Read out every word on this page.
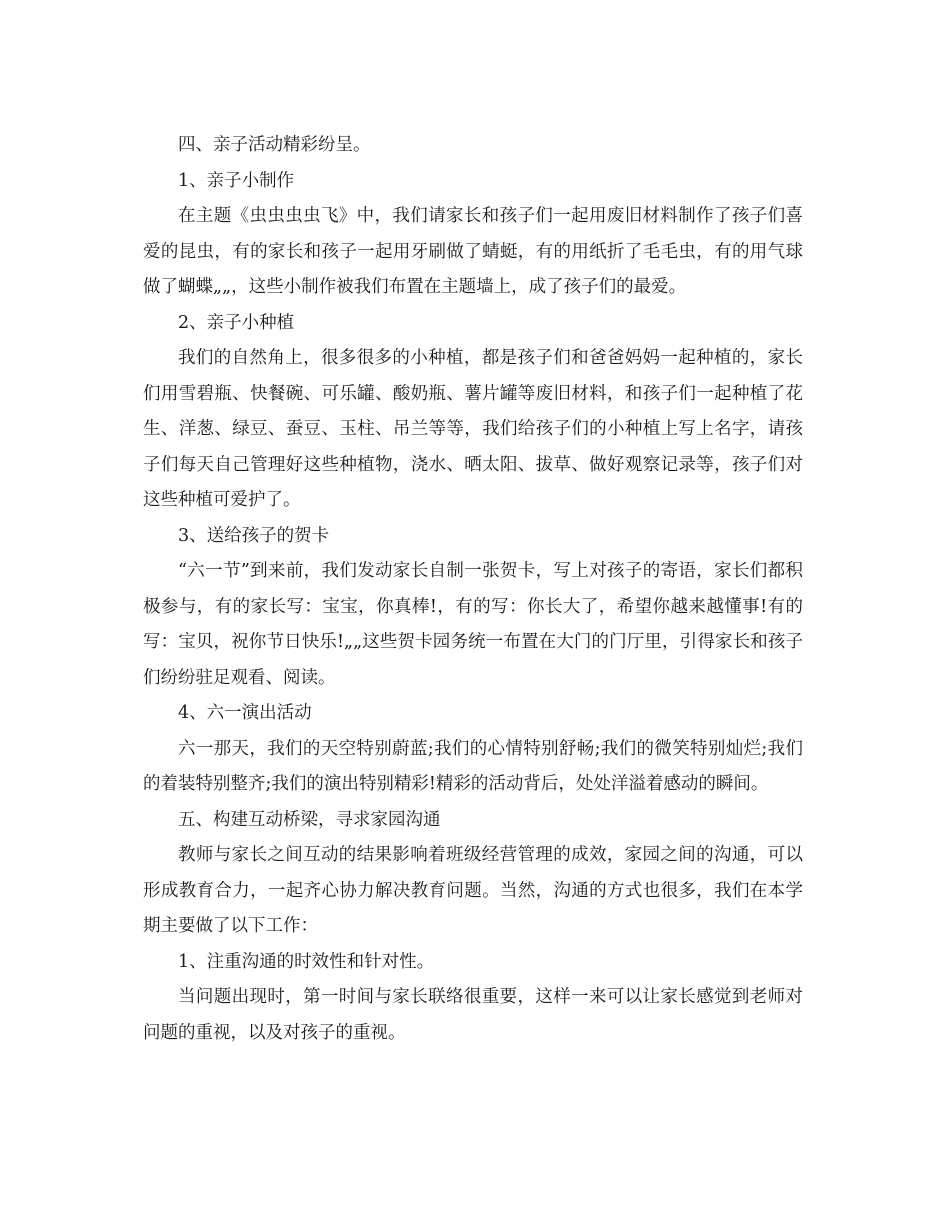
四、亲子活动精彩纷呈。

1、亲子小制作

在主题《虫虫虫虫飞》中，我们请家长和孩子们一起用废旧材料制作了孩子们喜爱的昆虫，有的家长和孩子一起用牙刷做了蜻蜓，有的用纸折了毛毛虫，有的用气球做了蝴蝶„„，这些小制作被我们布置在主题墙上，成了孩子们的最爱。

2、亲子小种植

我们的自然角上，很多很多的小种植，都是孩子们和爸爸妈妈一起种植的，家长们用雪碧瓶、快餐碗、可乐罐、酸奶瓶、薯片罐等废旧材料，和孩子们一起种植了花生、洋葱、绿豆、蚕豆、玉柱、吊兰等等，我们给孩子们的小种植上写上名字，请孩子们每天自己管理好这些种植物，浇水、晒太阳、拔草、做好观察记录等，孩子们对这些种植可爱护了。

3、送给孩子的贺卡

“六一节”到来前，我们发动家长自制一张贺卡，写上对孩子的寄语，家长们都积极参与，有的家长写：宝宝，你真棒!，有的写：你长大了，希望你越来越懂事!有的写：宝贝，祝你节日快乐!„„这些贺卡园务统一布置在大门的门厅里，引得家长和孩子们纷纷驻足观看、阅读。

4、六一演出活动

六一那天，我们的天空特别蔚蓝;我们的心情特别舒畅;我们的微笑特别灿烂;我们的着装特别整齐;我们的演出特别精彩!精彩的活动背后，处处洋溢着感动的瞬间。

五、构建互动桥梁，寻求家园沟通

教师与家长之间互动的结果影响着班级经营管理的成效，家园之间的沟通，可以形成教育合力，一起齐心协力解决教育问题。当然，沟通的方式也很多，我们在本学期主要做了以下工作：

1、注重沟通的时效性和针对性。

当问题出现时，第一时间与家长联络很重要，这样一来可以让家长感觉到老师对问题的重视，以及对孩子的重视。
